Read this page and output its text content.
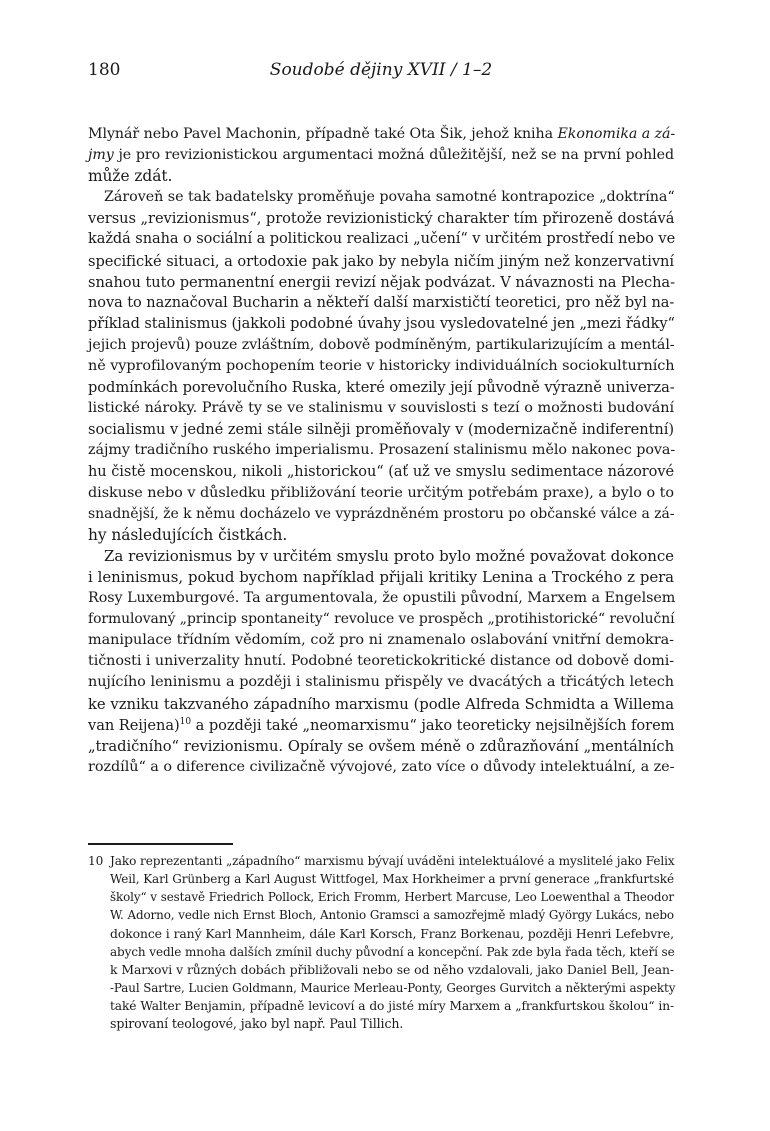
180	Soudobé dějiny XVII / 1–2
Mlynář nebo Pavel Machonin, případně také Ota Šik, jehož kniha Ekonomika a zá-
jmy je pro revizionistickou argumentaci možná důležitější, než se na první pohled
může zdát.
Zároveň se tak badatelsky proměňuje povaha samotné kontrapozice „doktrína“
versus „revizionismus“, protože revizionistický charakter tím přirozeně dostává
každá snaha o sociální a politickou realizaci „učení“ v určitém prostředí nebo ve
specifické situaci, a ortodoxie pak jako by nebyla ničím jiným než konzervativní
snahou tuto permanentní energii revizí nějak podvázat. V návaznosti na Plecha-
nova to naznačoval Bucharin a někteří další marxističtí teoretici, pro něž byl na-
příklad stalinismus (jakkoli podobné úvahy jsou vysledovatelné jen „mezi řádky“
jejich projevů) pouze zvláštním, dobově podmíněným, partikularizujícím a mentál-
ně vyprofilovaným pochopením teorie v historicky individuálních sociokulturních
podmínkách porevolučního Ruska, které omezily její původně výrazně univerza-
listické nároky. Právě ty se ve stalinismu v souvislosti s tezí o možnosti budování
socialismu v jedné zemi stále silněji proměňovaly v (modernizačně indiferentní)
zájmy tradičního ruského imperialismu. Prosazení stalinismu mělo nakonec pova-
hu čistě mocenskou, nikoli „historickou“ (ať už ve smyslu sedimentace názorové
diskuse nebo v důsledku přibližování teorie určitým potřebám praxe), a bylo o to
snadnější, že k němu docházelo ve vyprázdněném prostoru po občanské válce a zá-
hy následujících čistkách.
Za revizionismus by v určitém smyslu proto bylo možné považovat dokonce
i leninismus, pokud bychom například přijali kritiky Lenina a Trockého z pera
Rosy Luxemburgové. Ta argumentovala, že opustili původní, Marxem a Engelsem
formulovaný „princip spontaneity“ revoluce ve prospěch „protihistorické“ revoluční
manipulace třídním vědomím, což pro ni znamenalo oslabování vnitřní demokra-
tičnosti i univerzality hnutí. Podobné teoretickokritické distance od dobově domi-
nujícího leninismu a později i stalinismu přispěly ve dvacátých a třicátých letech
ke vzniku takzvaného západního marxismu (podle Alfreda Schmidta a Willema
van Reijena)$^{10}$ a později také „neomarxismu“ jako teoreticky nejsilnějších forem
„tradičního“ revizionismu. Opíraly se ovšem méně o zdůrazňování „mentálních
rozdílů“ a o diference civilizačně vývojové, zato více o důvody intelektuální, a ze-
10 Jako reprezentanti „západního“ marxismu bývají uváděni intelektuálové a myslitelé jako Felix
Weil, Karl Grünberg a Karl August Wittfogel, Max Horkheimer a první generace „frankfurtské
školy“ v sestavě Friedrich Pollock, Erich Fromm, Herbert Marcuse, Leo Loewenthal a Theodor
W. Adorno, vedle nich Ernst Bloch, Antonio Gramsci a samozřejmě mladý György Lukács, nebo
dokonce i raný Karl Mannheim, dále Karl Korsch, Franz Borkenau, později Henri Lefebvre,
abych vedle mnoha dalších zmínil duchy původní a koncepční. Pak zde byla řada těch, kteří se
k Marxovi v různých dobách přibližovali nebo se od něho vzdalovali, jako Daniel Bell, Jean-
-Paul Sartre, Lucien Goldmann, Maurice Merleau-Ponty, Georges Gurvitch a některými aspekty
také Walter Benjamin, případně levicoví a do jisté míry Marxem a „frankfurtskou školou“ in-
spirovaní teologové, jako byl např. Paul Tillich.
